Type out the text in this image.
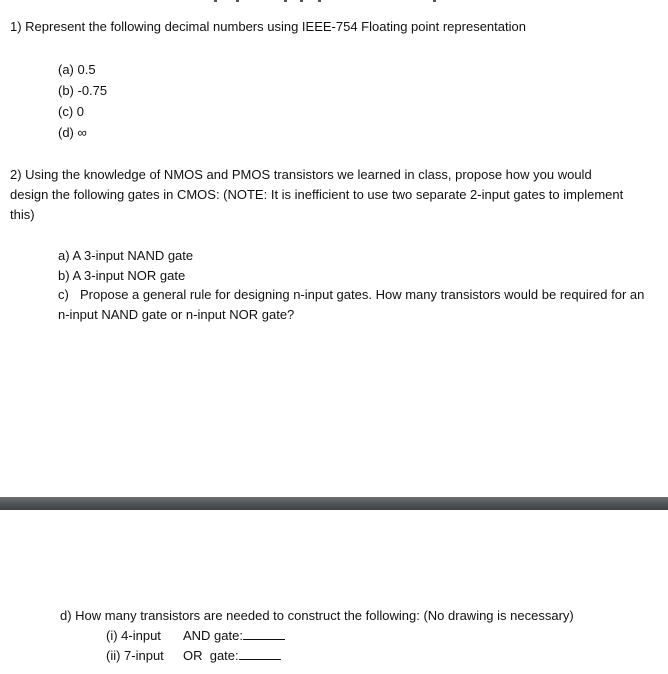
1) Represent the following decimal numbers using IEEE-754 Floating point representation

(a) 0.5
(b) -0.75
(c) 0
(d) ∞

2) Using the knowledge of NMOS and PMOS transistors we learned in class, propose how you would design the following gates in CMOS: (NOTE: It is inefficient to use two separate 2-input gates to implement this)

a) A 3-input NAND gate
b) A 3-input NOR gate
c) Propose a general rule for designing n-input gates. How many transistors would be required for an n-input NAND gate or n-input NOR gate?

d) How many transistors are needed to construct the following: (No drawing is necessary)

(i) 4-input AND gate:
(ii) 7-input OR  gate:
